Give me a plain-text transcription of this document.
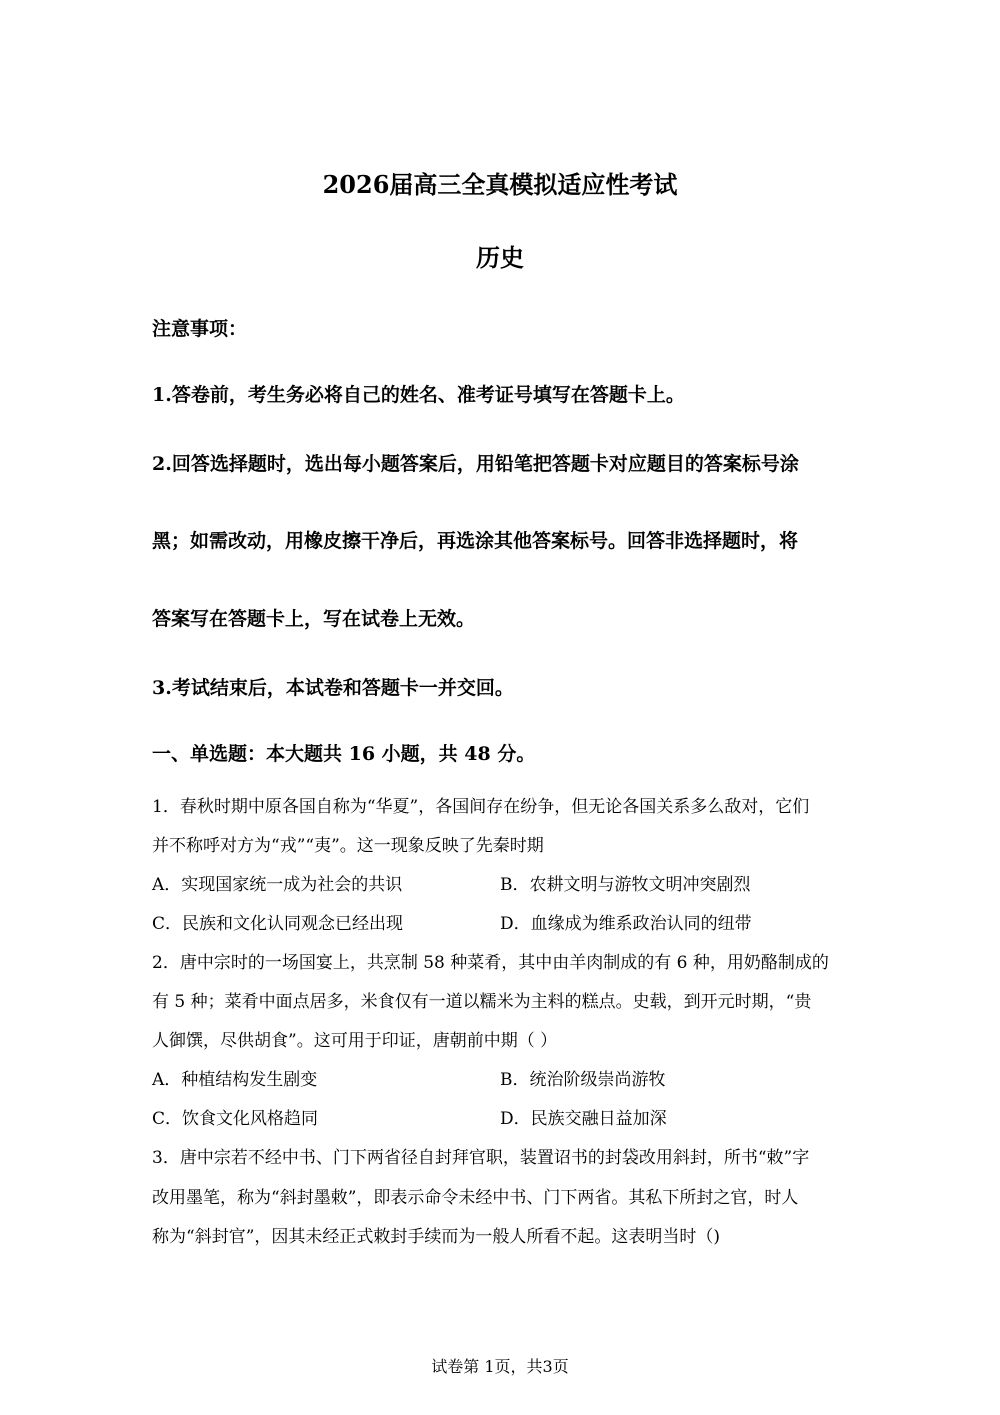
2026届高三全真模拟适应性考试
历史
注意事项：
1.答卷前，考生务必将自己的姓名、准考证号填写在答题卡上。
2.回答选择题时，选出每小题答案后，用铅笔把答题卡对应题目的答案标号涂
黑；如需改动，用橡皮擦干净后，再选涂其他答案标号。回答非选择题时，将
答案写在答题卡上，写在试卷上无效。
3.考试结束后，本试卷和答题卡一并交回。
一、单选题：本大题共 16 小题，共 48 分。
1．春秋时期中原各国自称为“华夏”，各国间存在纷争，但无论各国关系多么敌对，它们
并不称呼对方为“戎”“夷”。这一现象反映了先秦时期
A．实现国家统一成为社会的共识	B．农耕文明与游牧文明冲突剧烈
C．民族和文化认同观念已经出现	D．血缘成为维系政治认同的纽带
2．唐中宗时的一场国宴上，共烹制 58 种菜肴，其中由羊肉制成的有 6 种，用奶酪制成的
有 5 种；菜肴中面点居多，米食仅有一道以糯米为主料的糕点。史载，到开元时期，“贵
人御馔，尽供胡食”。这可用于印证，唐朝前中期（ ）
A．种植结构发生剧变	B．统治阶级崇尚游牧
C．饮食文化风格趋同	D．民族交融日益加深
3．唐中宗若不经中书、门下两省径自封拜官职，装置诏书的封袋改用斜封，所书“敕”字
改用墨笔，称为“斜封墨敕”，即表示命令未经中书、门下两省。其私下所封之官，时人
称为“斜封官”，因其未经正式敕封手续而为一般人所看不起。这表明当时（)
试卷第 1页，共3页
